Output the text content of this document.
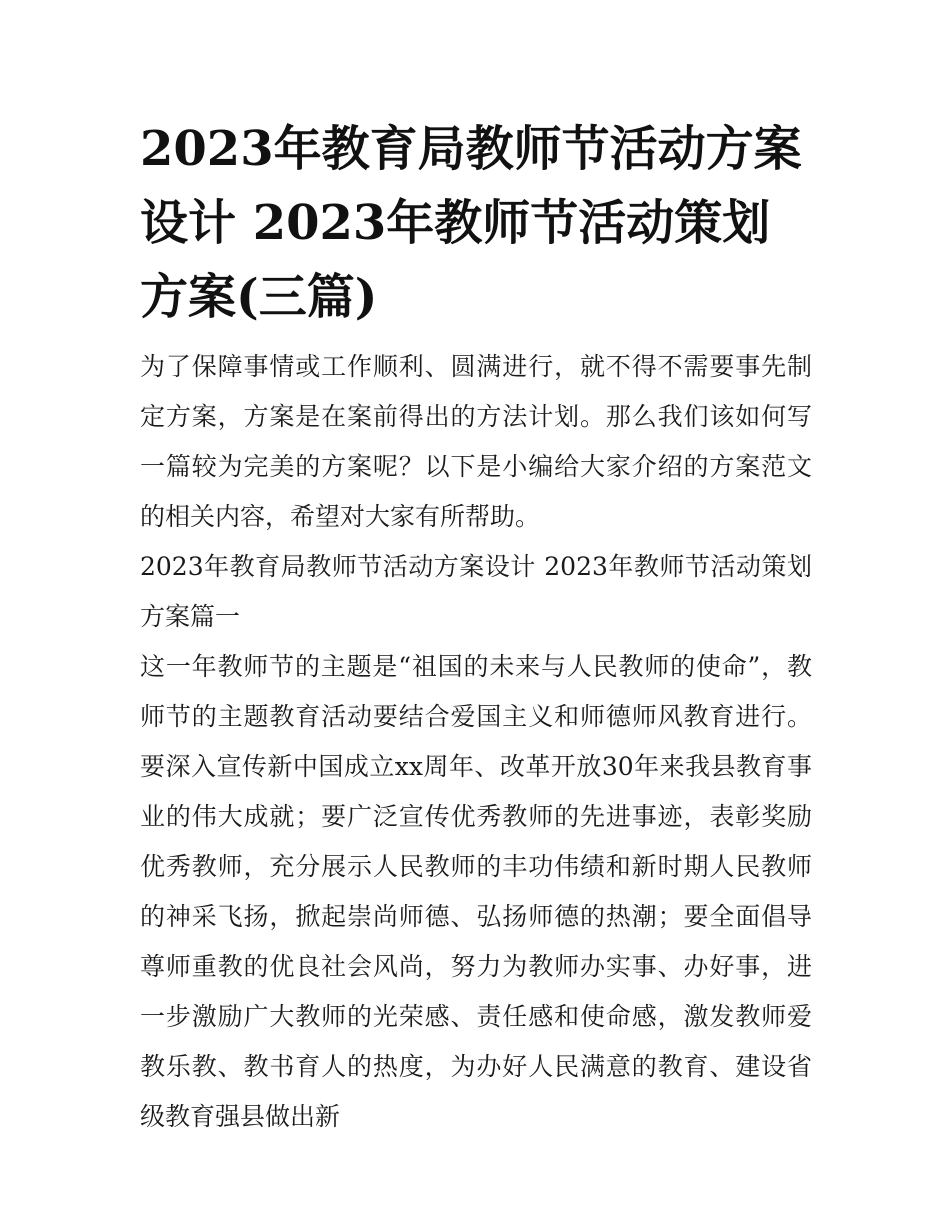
2023年教育局教师节活动方案设计 2023年教师节活动策划方案(三篇)

为了保障事情或工作顺利、圆满进行，就不得不需要事先制定方案，方案是在案前得出的方法计划。那么我们该如何写一篇较为完美的方案呢？以下是小编给大家介绍的方案范文的相关内容，希望对大家有所帮助。

2023年教育局教师节活动方案设计 2023年教师节活动策划方案篇一

这一年教师节的主题是“祖国的未来与人民教师的使命”，教师节的主题教育活动要结合爱国主义和师德师风教育进行。要深入宣传新中国成立xx周年、改革开放30年来我县教育事业的伟大成就；要广泛宣传优秀教师的先进事迹，表彰奖励优秀教师，充分展示人民教师的丰功伟绩和新时期人民教师的神采飞扬，掀起崇尚师德、弘扬师德的热潮；要全面倡导尊师重教的优良社会风尚，努力为教师办实事、办好事，进一步激励广大教师的光荣感、责任感和使命感，激发教师爱教乐教、教书育人的热度，为办好人民满意的教育、建设省级教育强县做出新
